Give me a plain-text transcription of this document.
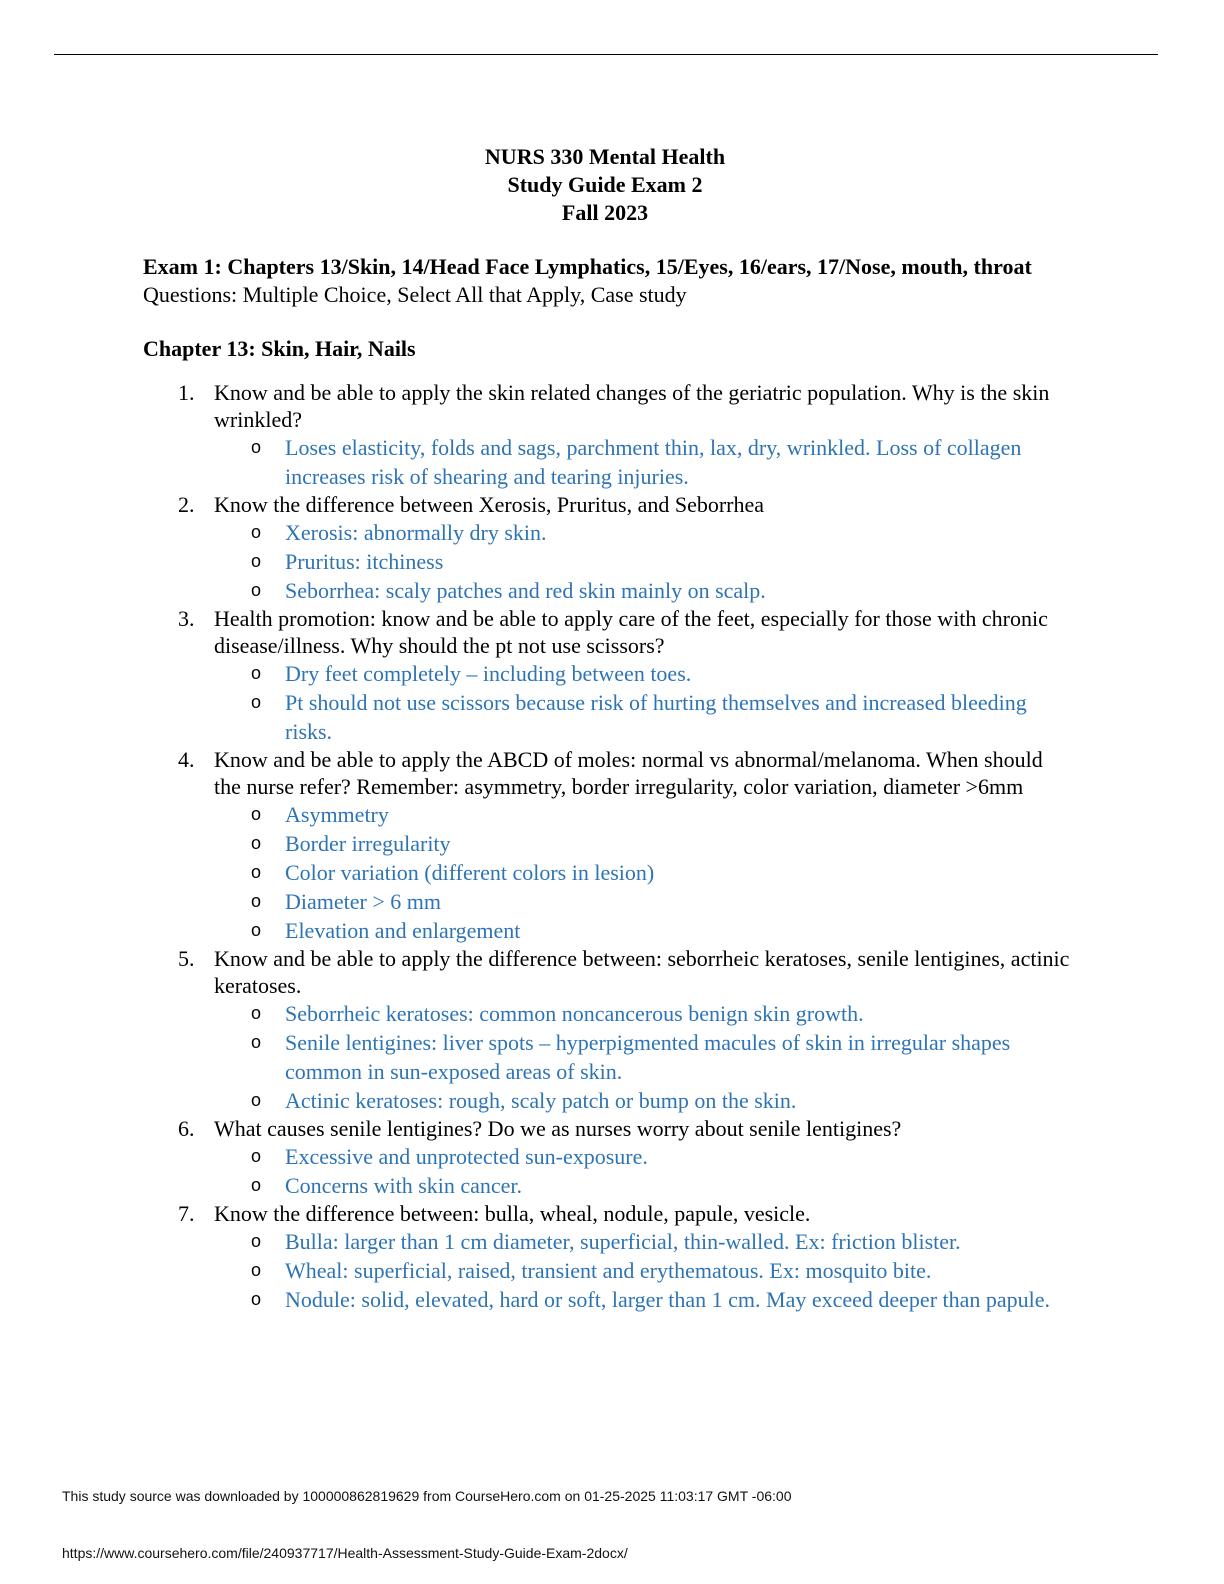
NURS 330 Mental Health
Study Guide Exam 2
Fall 2023
Exam 1: Chapters 13/Skin, 14/Head Face Lymphatics, 15/Eyes, 16/ears, 17/Nose, mouth, throat
Questions: Multiple Choice, Select All that Apply, Case study
Chapter 13: Skin, Hair, Nails
1. Know and be able to apply the skin related changes of the geriatric population. Why is the skin wrinkled?
o Loses elasticity, folds and sags, parchment thin, lax, dry, wrinkled. Loss of collagen increases risk of shearing and tearing injuries.
2. Know the difference between Xerosis, Pruritus, and Seborrhea
o Xerosis: abnormally dry skin.
o Pruritus: itchiness
o Seborrhea: scaly patches and red skin mainly on scalp.
3. Health promotion: know and be able to apply care of the feet, especially for those with chronic disease/illness. Why should the pt not use scissors?
o Dry feet completely – including between toes.
o Pt should not use scissors because risk of hurting themselves and increased bleeding risks.
4. Know and be able to apply the ABCD of moles: normal vs abnormal/melanoma. When should the nurse refer? Remember: asymmetry, border irregularity, color variation, diameter >6mm
o Asymmetry
o Border irregularity
o Color variation (different colors in lesion)
o Diameter > 6 mm
o Elevation and enlargement
5. Know and be able to apply the difference between: seborrheic keratoses, senile lentigines, actinic keratoses.
o Seborrheic keratoses: common noncancerous benign skin growth.
o Senile lentigines: liver spots – hyperpigmented macules of skin in irregular shapes common in sun-exposed areas of skin.
o Actinic keratoses: rough, scaly patch or bump on the skin.
6. What causes senile lentigines? Do we as nurses worry about senile lentigines?
o Excessive and unprotected sun-exposure.
o Concerns with skin cancer.
7. Know the difference between: bulla, wheal, nodule, papule, vesicle.
o Bulla: larger than 1 cm diameter, superficial, thin-walled. Ex: friction blister.
o Wheal: superficial, raised, transient and erythematous. Ex: mosquito bite.
o Nodule: solid, elevated, hard or soft, larger than 1 cm. May exceed deeper than papule.
This study source was downloaded by 100000862819629 from CourseHero.com on 01-25-2025 11:03:17 GMT -06:00
https://www.coursehero.com/file/240937717/Health-Assessment-Study-Guide-Exam-2docx/
